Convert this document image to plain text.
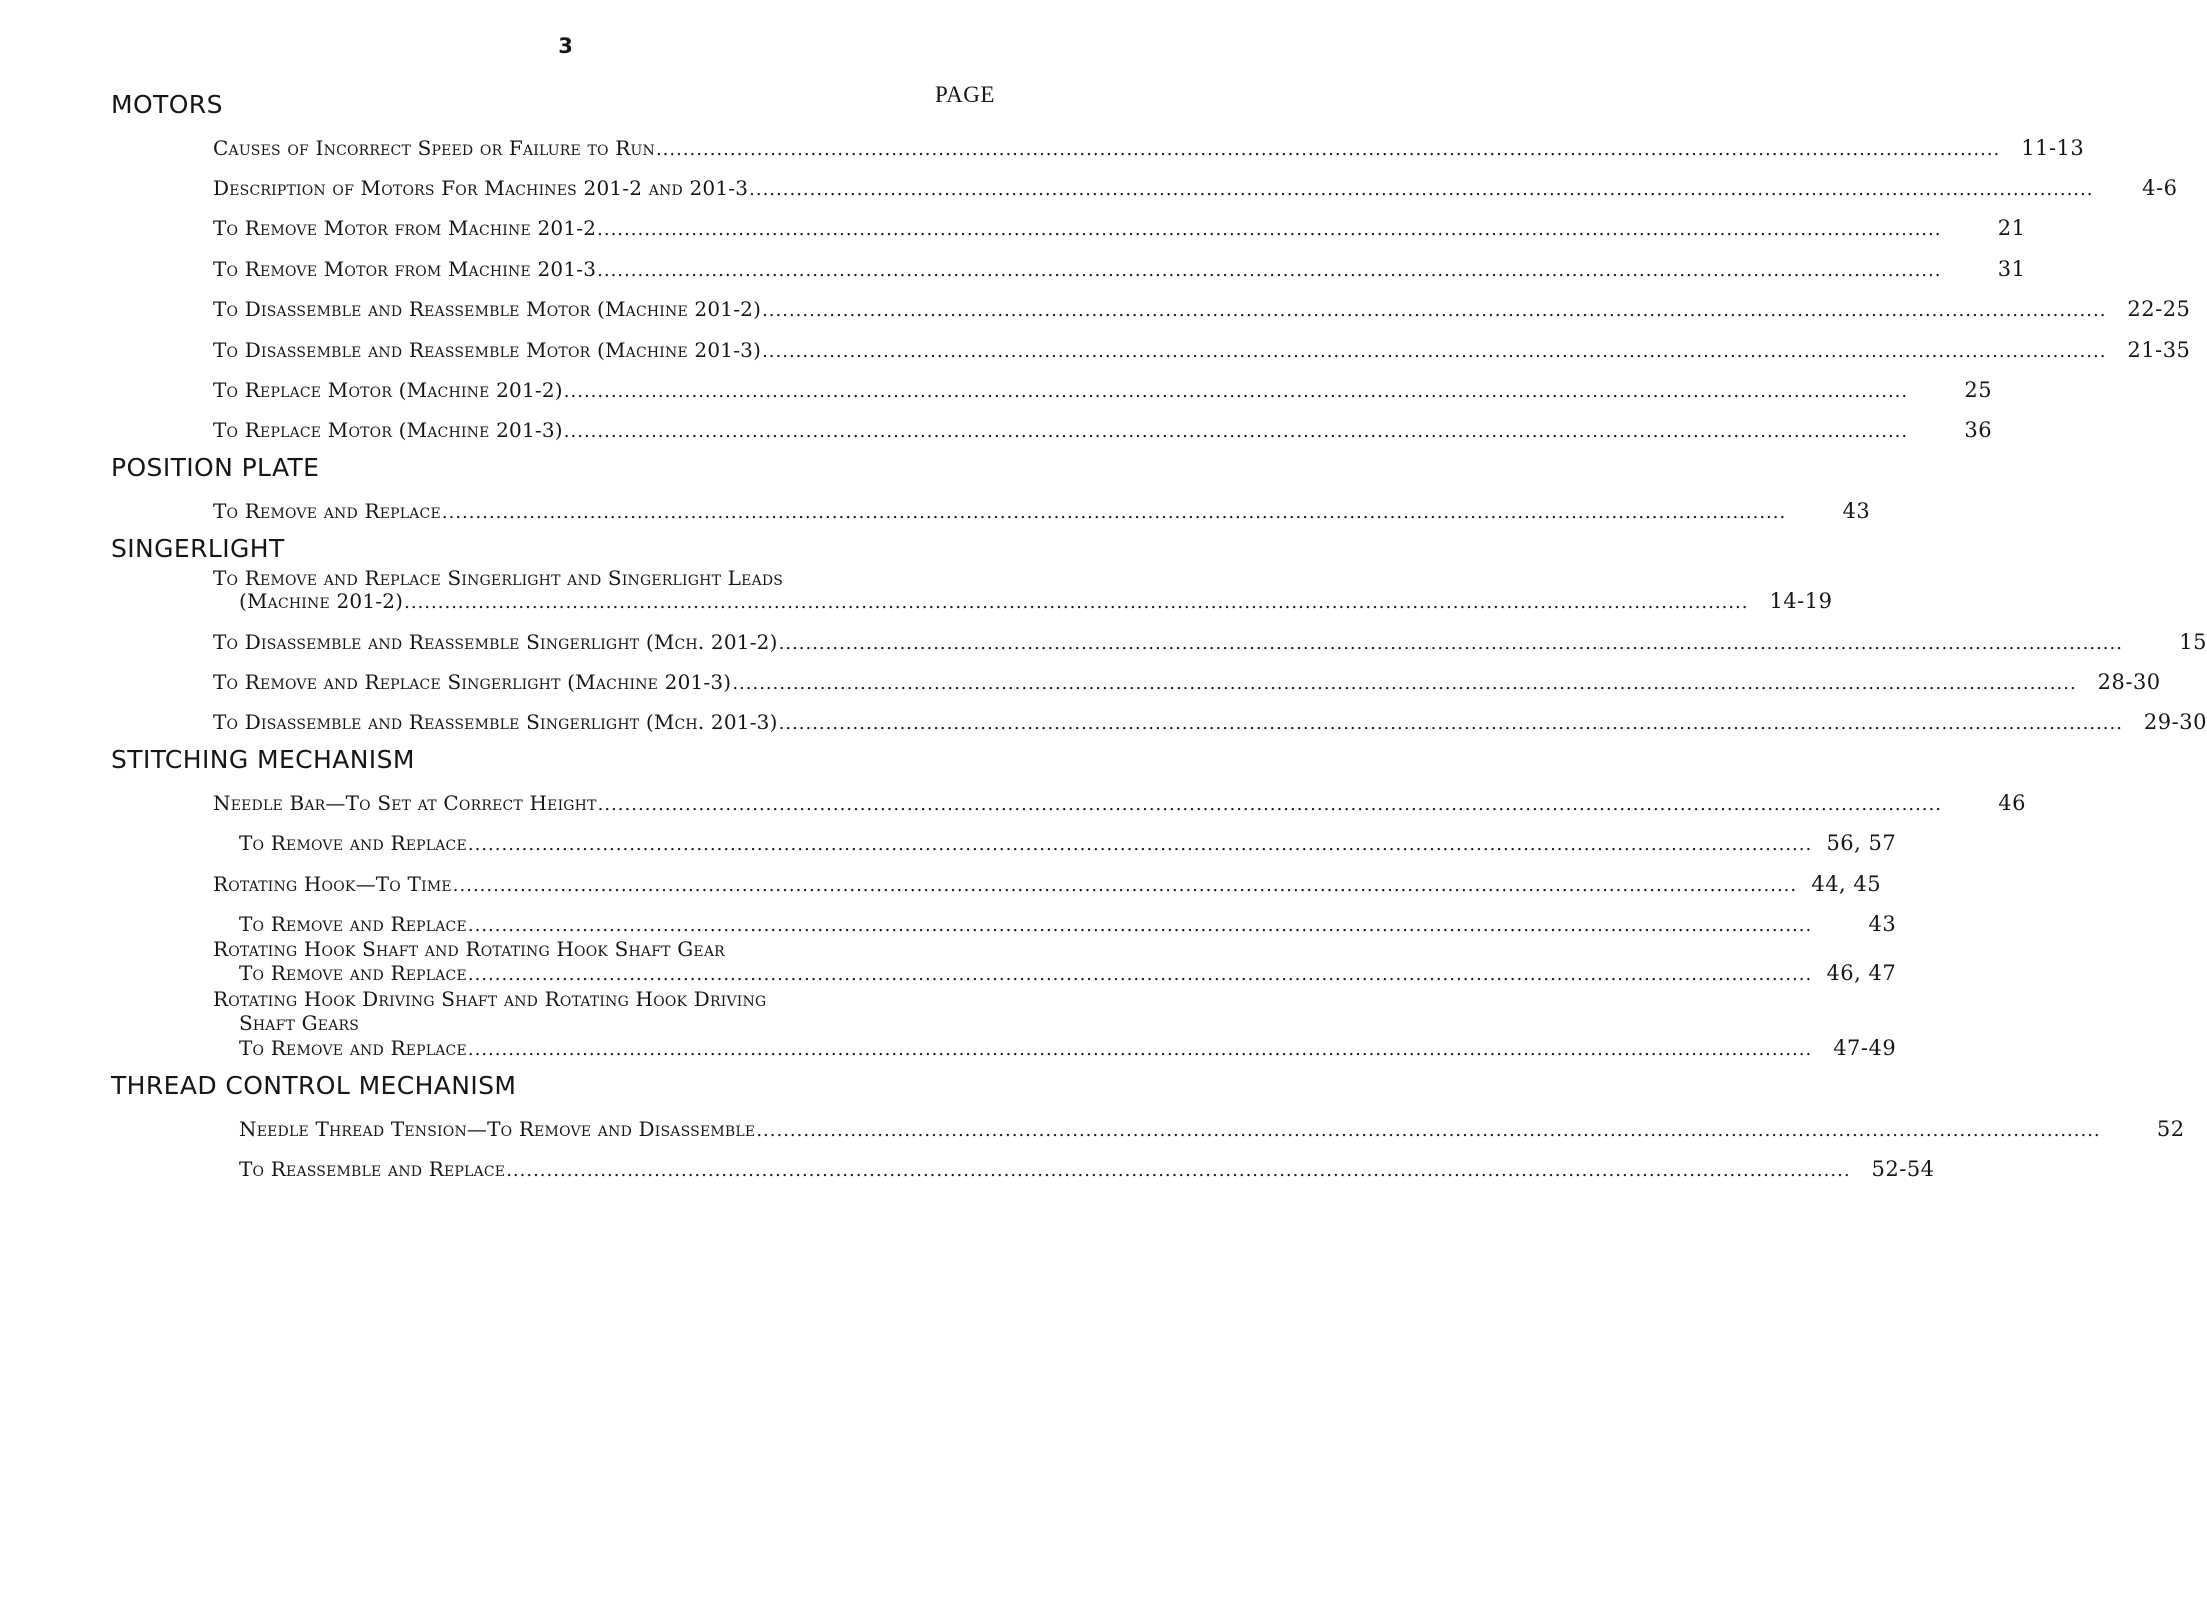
3
PAGE
MOTORS
Causes of Incorrect Speed or Failure to Run ........................................................................................................................................................................................................ 11-13
Description of Motors For Machines 201-2 and 201-3 ........................................................................................................................................................................................................	4-6
To Remove Motor from Machine 201-2 ........................................................................................................................................................................................................	21
To Remove Motor from Machine 201-3 ........................................................................................................................................................................................................	31
To Disassemble and Reassemble Motor (Machine 201-2) ........................................................................................................................................................................................................ 22-25
To Disassemble and Reassemble Motor (Machine 201-3) ........................................................................................................................................................................................................ 21-35
To Replace Motor (Machine 201-2) ........................................................................................................................................................................................................	25
To Replace Motor (Machine 201-3) ........................................................................................................................................................................................................	36
POSITION PLATE
To Remove and Replace ........................................................................................................................................................................................................	43
SINGERLIGHT
To Remove and Replace Singerlight and Singerlight Leads
(Machine 201-2) ........................................................................................................................................................................................................ 14-19
To Disassemble and Reassemble Singerlight (Mch. 201-2) ........................................................................................................................................................................................................	15
To Remove and Replace Singerlight (Machine 201-3) ........................................................................................................................................................................................................ 28-30
To Disassemble and Reassemble Singerlight (Mch. 201-3) ........................................................................................................................................................................................................ 29-30
STITCHING MECHANISM
Needle Bar—To Set at Correct Height ........................................................................................................................................................................................................	46
To Remove and Replace ........................................................................................................................................................................................................ 56, 57
Rotating Hook—To Time ........................................................................................................................................................................................................ 44, 45
To Remove and Replace ........................................................................................................................................................................................................	43
Rotating Hook Shaft and Rotating Hook Shaft Gear
To Remove and Replace ........................................................................................................................................................................................................ 46, 47
Rotating Hook Driving Shaft and Rotating Hook Driving
Shaft Gears
To Remove and Replace ........................................................................................................................................................................................................ 47-49
THREAD CONTROL MECHANISM
Needle Thread Tension—To Remove and Disassemble ........................................................................................................................................................................................................	52
To Reassemble and Replace ........................................................................................................................................................................................................ 52-54
